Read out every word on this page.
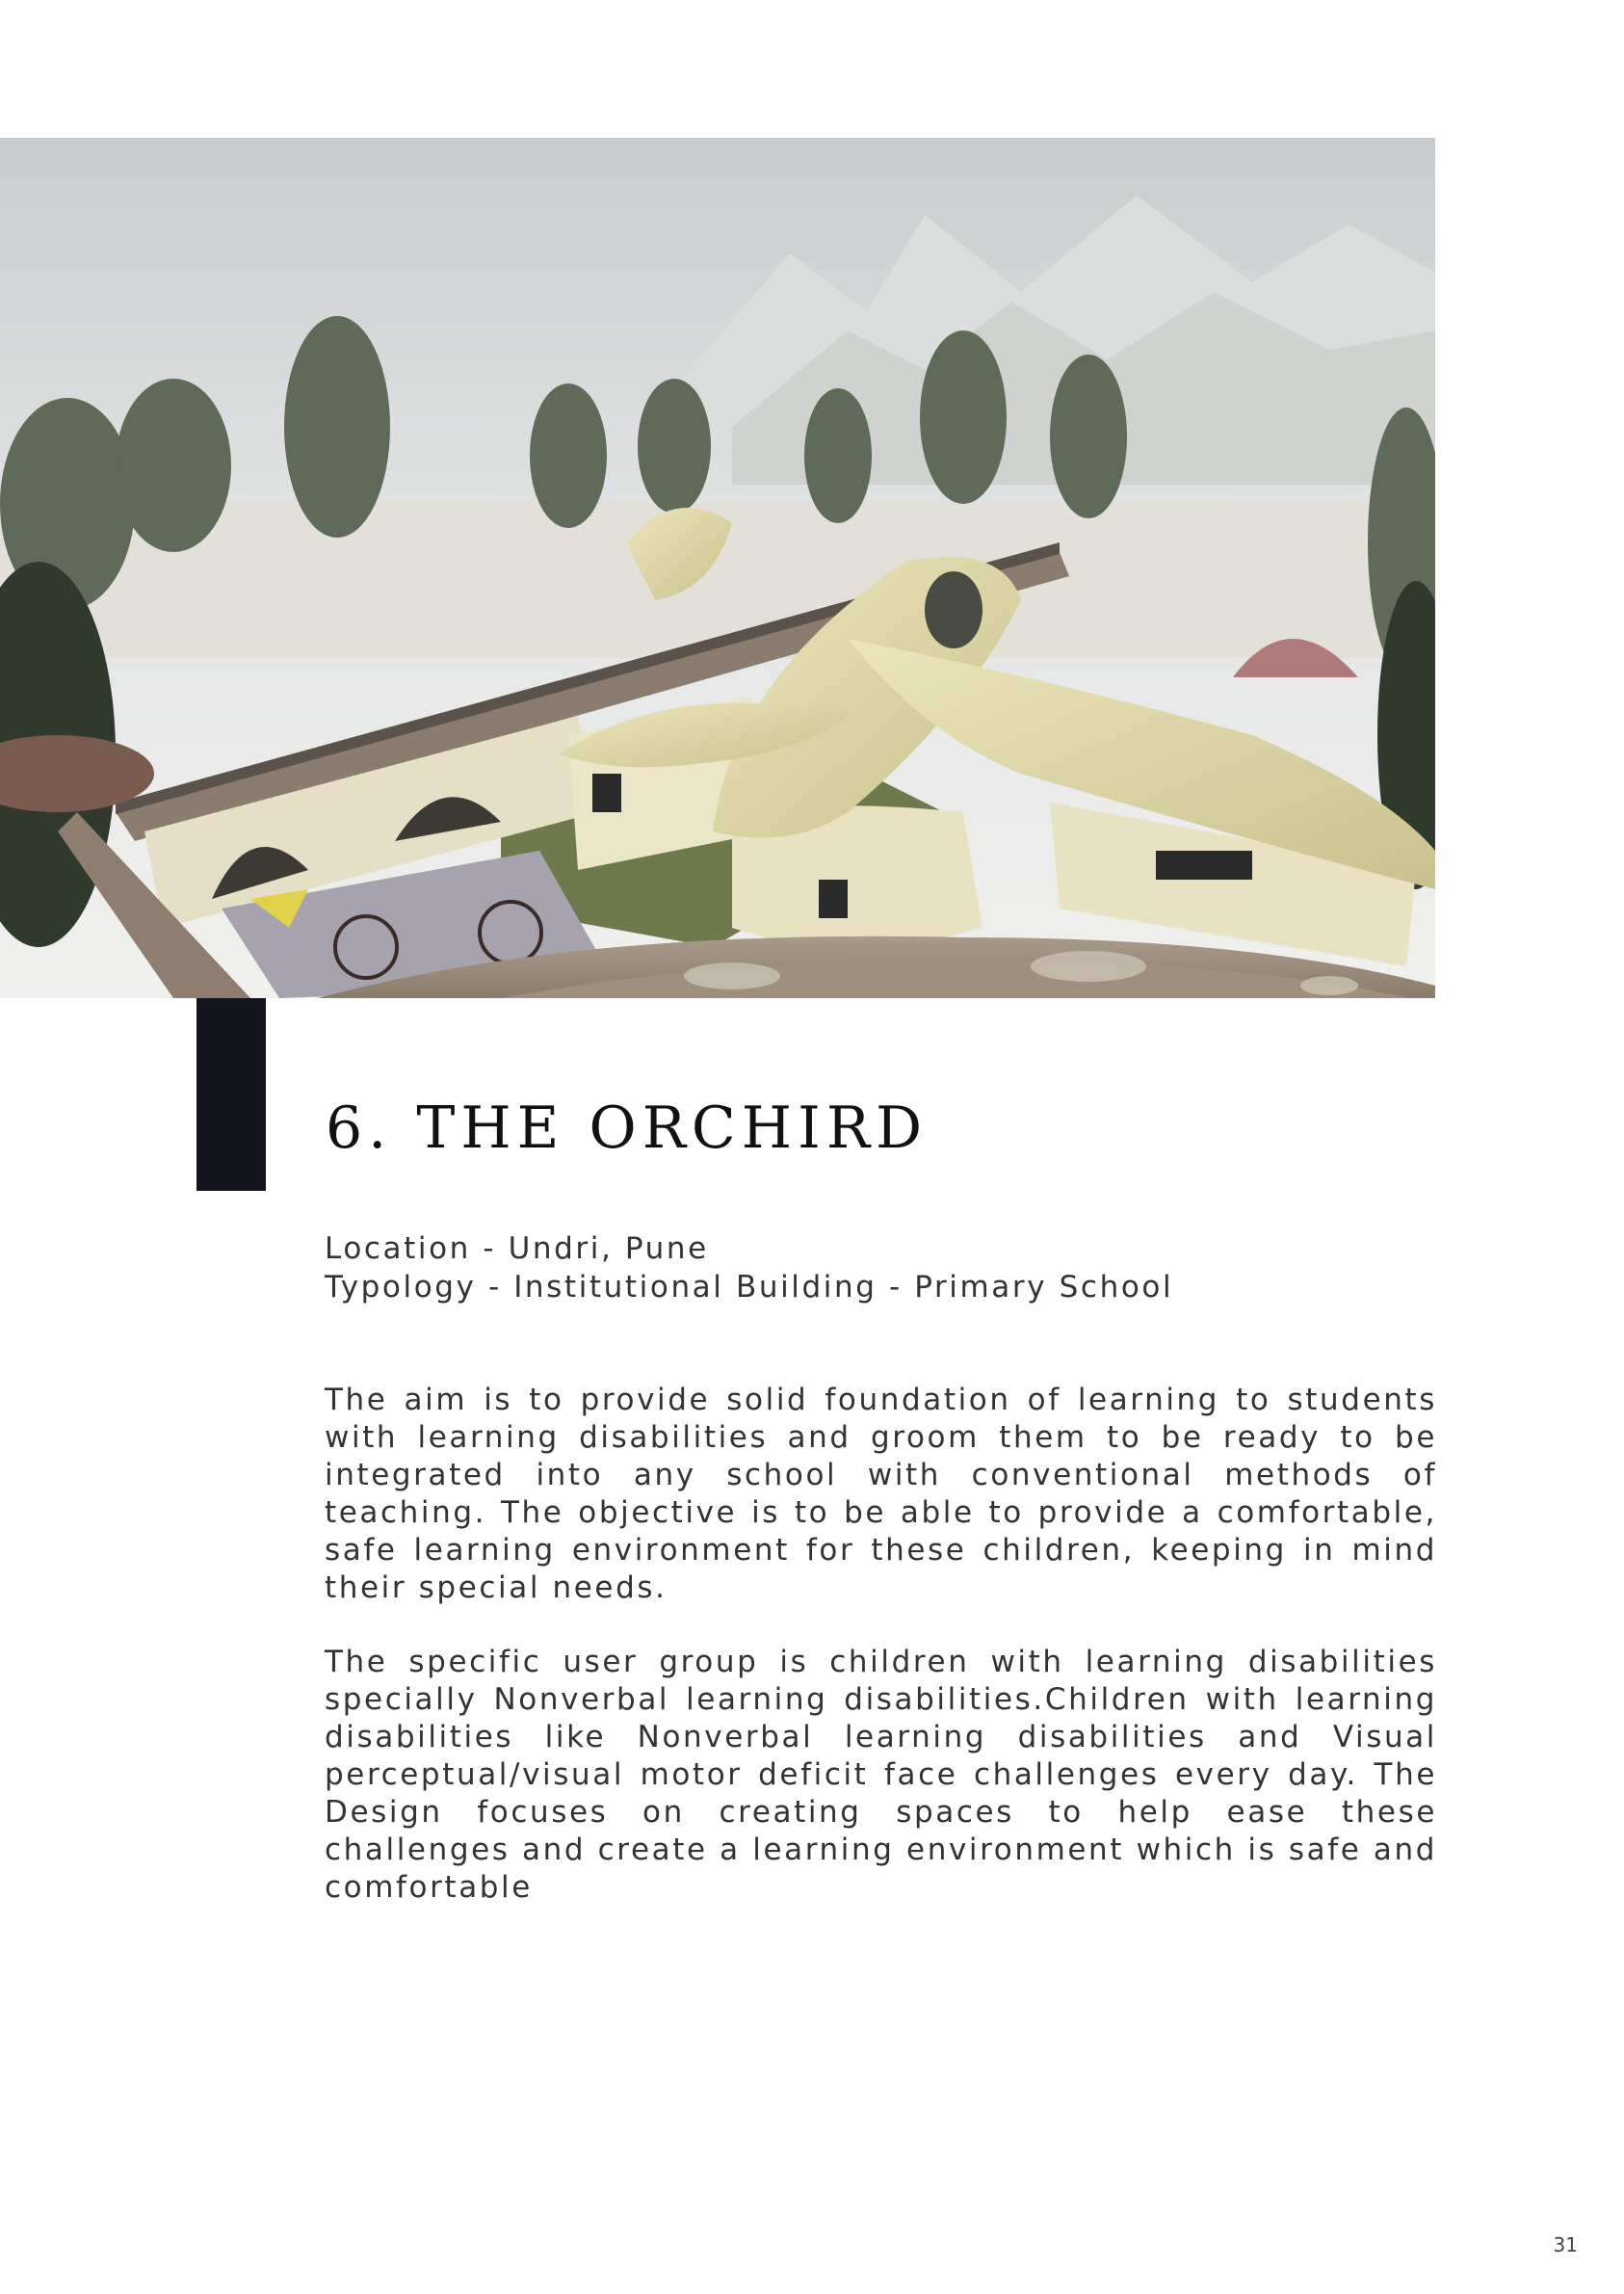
6. THE ORCHIRD
Location - Undri, Pune
Typology - Institutional Building - Primary School

The aim is to provide solid foundation of learning to students with learning disabilities and groom them to be ready to be integrated into any school with conventional methods of teaching. The objective is to be able to provide a comfortable, safe learning environment for these children, keeping in mind their special needs.

The specific user group is children with learning disabilities specially Nonverbal learning disabilities.Children with learning disabilities like Nonverbal learning disabilities and Visual perceptual/visual motor deficit face challenges every day. The Design focuses on creating spaces to help ease these challenges and create a learning environment which is safe and comfortable

31
